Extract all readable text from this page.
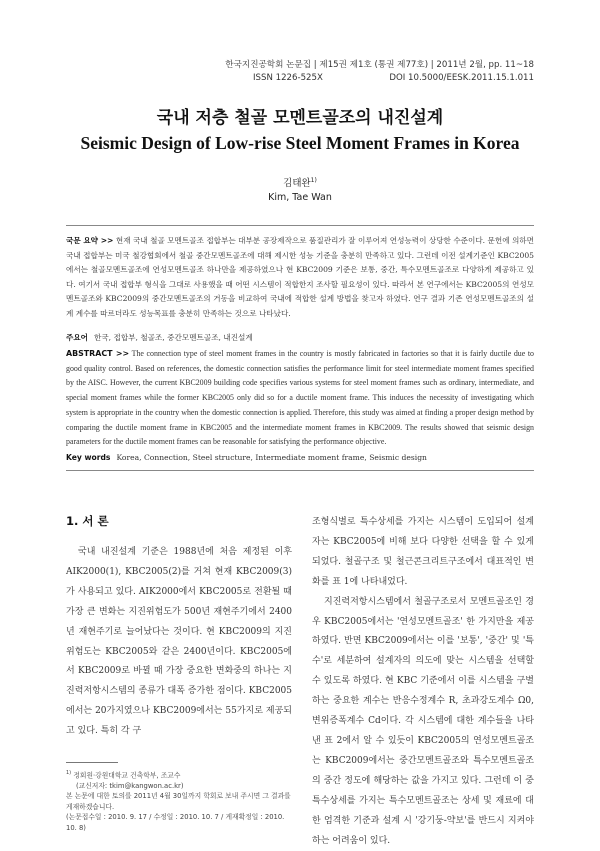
한국지진공학회 논문집 | 제15권 제1호 (통권 제77호) | 2011년 2월, pp. 11~18
ISSN 1226-525X	DOI 10.5000/EESK.2011.15.1.011
국내 저층 철골 모멘트골조의 내진설계
Seismic Design of Low-rise Steel Moment Frames in Korea
김태완$^{1)}$
Kim, Tae Wan
국문 요약 >> 현재 국내 철골 모멘트골조 접합부는 대부분 공장제작으로 품질관리가 잘 이루어져 연성능력이 상당한 수준이다. 문헌에 의하면 국내 접합부는 미국 철강협회에서 철골 중간모멘트골조에 대해 제시한 성능 기준을 충분히 만족하고 있다. 그런데 이전 설계기준인 KBC2005에서는 철골모멘트골조에 연성모멘트골조 하나만을 제공하였으나 현 KBC2009 기준은 보통, 중간, 특수모멘트골조로 다양하게 제공하고 있다. 여기서 국내 접합부 형식을 그대로 사용했을 때 어떤 시스템이 적합한지 조사할 필요성이 있다. 따라서 본 연구에서는 KBC2005의 연성모멘트골조와 KBC2009의 중간모멘트골조의 거동을 비교하여 국내에 적합한 설계 방법을 찾고자 하였다. 연구 결과 기존 연성모멘트골조의 설계 계수를 따르더라도 성능목표를 충분히 만족하는 것으로 나타났다.
주요어 한국, 접합부, 철골조, 중간모멘트골조, 내진설계
ABSTRACT >> The connection type of steel moment frames in the country is mostly fabricated in factories so that it is fairly ductile due to good quality control. Based on references, the domestic connection satisfies the performance limit for steel intermediate moment frames specified by the AISC. However, the current KBC2009 building code specifies various systems for steel moment frames such as ordinary, intermediate, and special moment frames while the former KBC2005 only did so for a ductile moment frame. This induces the necessity of investigating which system is appropriate in the country when the domestic connection is applied. Therefore, this study was aimed at finding a proper design method by comparing the ductile moment frame in KBC2005 and the intermediate moment frames in KBC2009. The results showed that seismic design parameters for the ductile moment frames can be reasonable for satisfying the performance objective.
Key words Korea, Connection, Steel structure, Intermediate moment frame, Seismic design
1. 서 론

국내 내진설계 기준은 1988년에 처음 제정된 이후 AIK2000(1), KBC2005(2)를 거쳐 현재 KBC2009(3)가 사용되고 있다. AIK2000에서 KBC2005로 전환될 때 가장 큰 변화는 지진위험도가 500년 재현주기에서 2400년 재현주기로 늘어났다는 것이다. 현 KBC2009의 지진위험도는 KBC2005와 같은 2400년이다. KBC2005에서 KBC2009로 바뀔 때 가장 중요한 변화중의 하나는 지진력저항시스템의 종류가 대폭 증가한 점이다. KBC2005에서는 20가지였으나 KBC2009에서는 55가지로 제공되고 있다. 특히 각 구

조형식별로 특수상세를 가지는 시스템이 도입되어 설계자는 KBC2005에 비해 보다 다양한 선택을 할 수 있게 되었다. 철골구조 및 철근콘크리트구조에서 대표적인 변화를 표 1에 나타내었다.

지진력저항시스템에서 철골구조로서 모멘트골조인 경우 KBC2005에서는 '연성모멘트골조' 한 가지만을 제공하였다. 반면 KBC2009에서는 이를 '보통', '중간' 및 '특수'로 세분하여 설계자의 의도에 맞는 시스템을 선택할 수 있도록 하였다. 현 KBC 기준에서 이를 시스템을 구별하는 중요한 계수는 반응수정계수 R, 초과강도계수 Ω0, 변위증폭계수 Cd이다. 각 시스템에 대한 계수들을 나타낸 표 2에서 알 수 있듯이 KBC2005의 연성모멘트골조는 KBC2009에서는 중간모멘트골조와 특수모멘트골조의 중간 정도에 해당하는 값을 가지고 있다. 그런데 이 중 특수상세를 가지는 특수모멘트골조는 상세 및 재료에 대한 엄격한 기준과 설계 시 '강기둥-약보'를 반드시 지켜야하는 어려움이 있다.

$^{1)}$ 정회원·강원대학교 건축학부, 조교수
(교신저자: tkim@kangwon.ac.kr)
본 논문에 대한 토의를 2011년 4월 30일까지 학회로 보내 주시면 그 결과를 게재하겠습니다.
(논문접수일 : 2010. 9. 17 / 수정일 : 2010. 10. 7 / 게재확정일 : 2010. 10. 8)
